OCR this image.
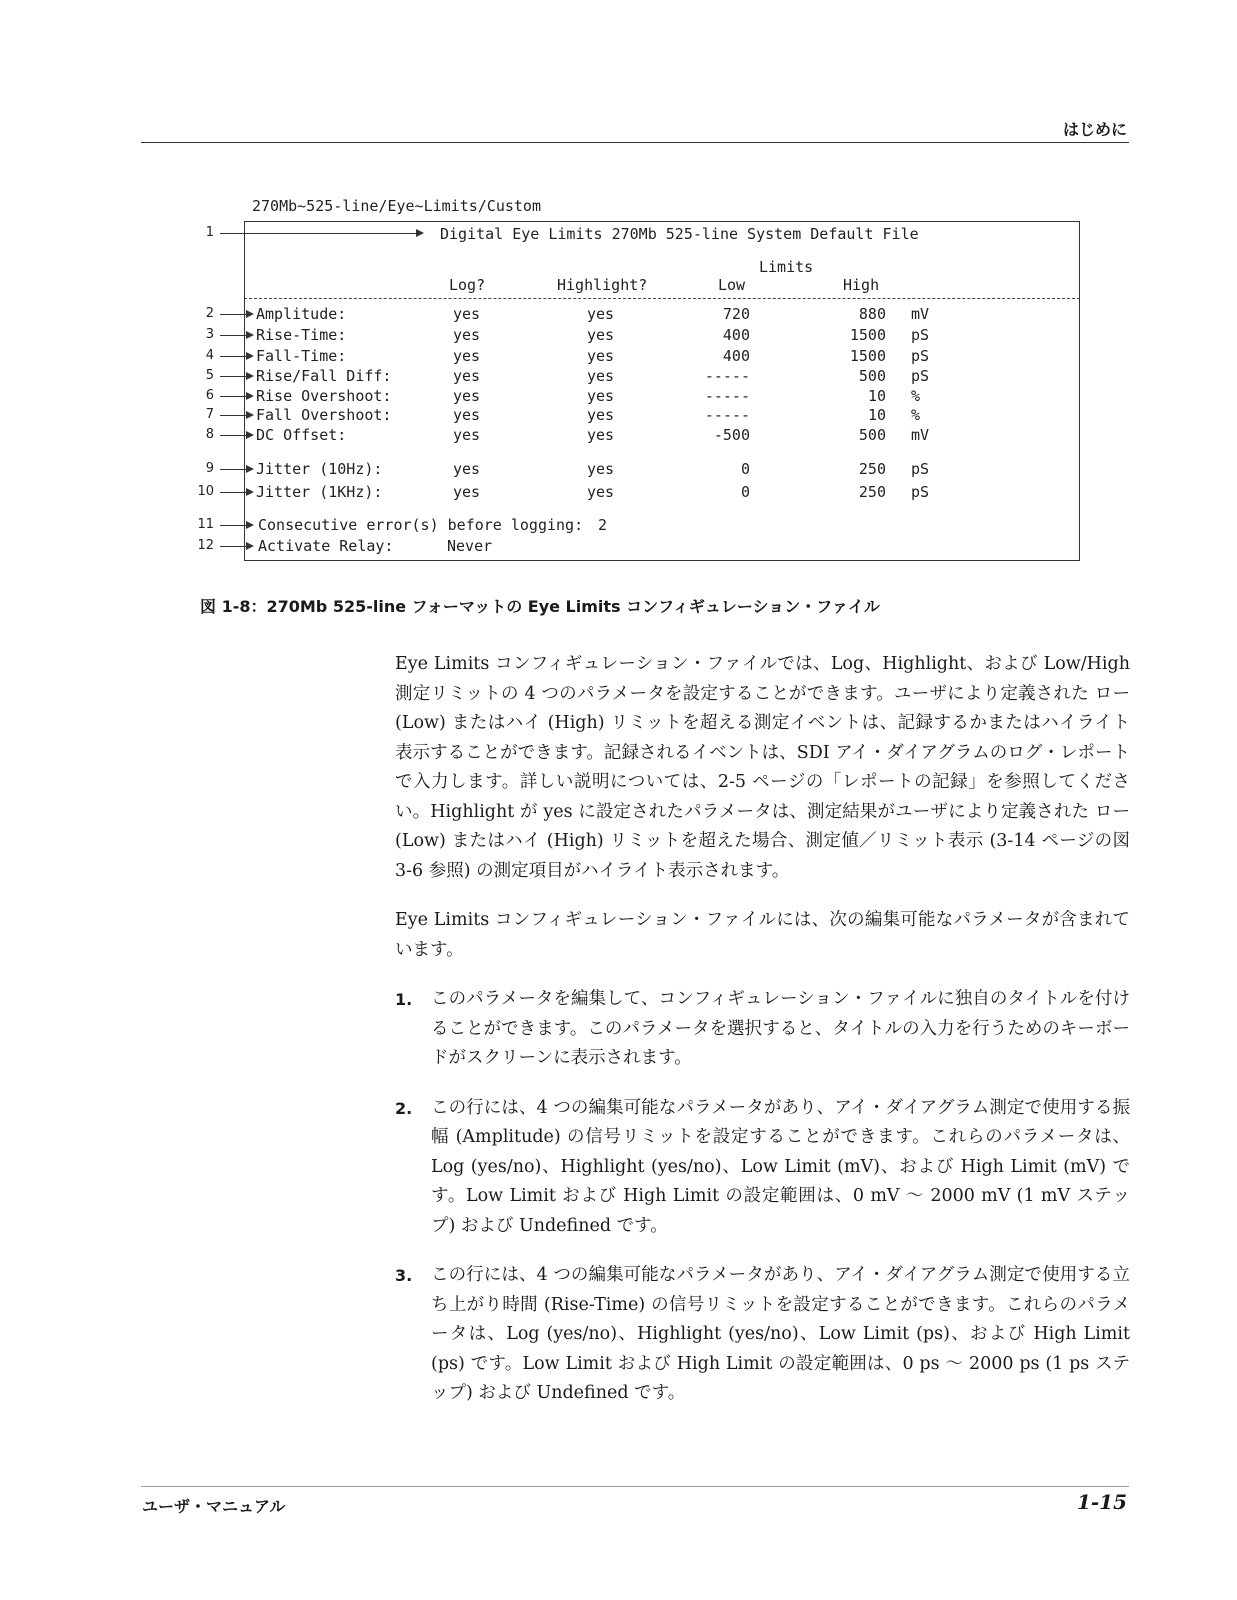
はじめに
270Mb~525-line/Eye~Limits/Custom
1	Digital Eye Limits 270Mb 525-line System Default File
Limits
Log?	Highlight?	Low	High
2	Amplitude:	yes	yes	720	880 mV
3	Rise-Time:	yes	yes	400	1500 pS
4	Fall-Time:	yes	yes	400	1500 pS
5	Rise/Fall Diff:	yes	yes	-----	500 pS
6	Rise Overshoot:	yes	yes	-----	10 %
7	Fall Overshoot:	yes	yes	-----	10 %
8	DC Offset:	yes	yes	-500	500 mV
9	Jitter (10Hz):	yes	yes	0	250 pS
10	Jitter (1KHz):	yes	yes	0	250 pS
11	Consecutive error(s) before logging: 2
12	Activate Relay:	Never
図 1-8：270Mb 525-line フォーマットの Eye Limits コンフィギュレーション・ファイル

Eye Limits コンフィギュレーション・ファイルでは、Log、Highlight、および Low/High 測定リミットの 4 つのパラメータを設定することができます。ユーザにより定義された ロー (Low) またはハイ (High) リミットを超える測定イベントは、記録するかまたはハイライト表示することができます。記録されるイベントは、SDI アイ・ダイアグラムのログ・レポートで入力します。詳しい説明については、2-5 ページの「レポートの記録」を参照してください。Highlight が yes に設定されたパラメータは、測定結果がユーザにより定義された ロー (Low) またはハイ (High) リミットを超えた場合、測定値／リミット表示 (3-14 ページの図 3-6 参照) の測定項目がハイライト表示されます。

Eye Limits コンフィギュレーション・ファイルには、次の編集可能なパラメータが含まれています。

1.	このパラメータを編集して、コンフィギュレーション・ファイルに独自のタイトルを付けることができます。このパラメータを選択すると、タイトルの入力を行うためのキーボードがスクリーンに表示されます。
2.	この行には、4 つの編集可能なパラメータがあり、アイ・ダイアグラム測定で使用する振幅 (Amplitude) の信号リミットを設定することができます。これらのパラメータは、Log (yes/no)、Highlight (yes/no)、Low Limit (mV)、および High Limit (mV) です。Low Limit および High Limit の設定範囲は、0 mV ～ 2000 mV (1 mV ステップ) および Undefined です。
3.	この行には、4 つの編集可能なパラメータがあり、アイ・ダイアグラム測定で使用する立ち上がり時間 (Rise-Time) の信号リミットを設定することができます。これらのパラメータは、Log (yes/no)、Highlight (yes/no)、Low Limit (ps)、および High Limit (ps) です。Low Limit および High Limit の設定範囲は、0 ps ～ 2000 ps (1 ps ステップ) および Undefined です。
ユーザ・マニュアル	1-15
